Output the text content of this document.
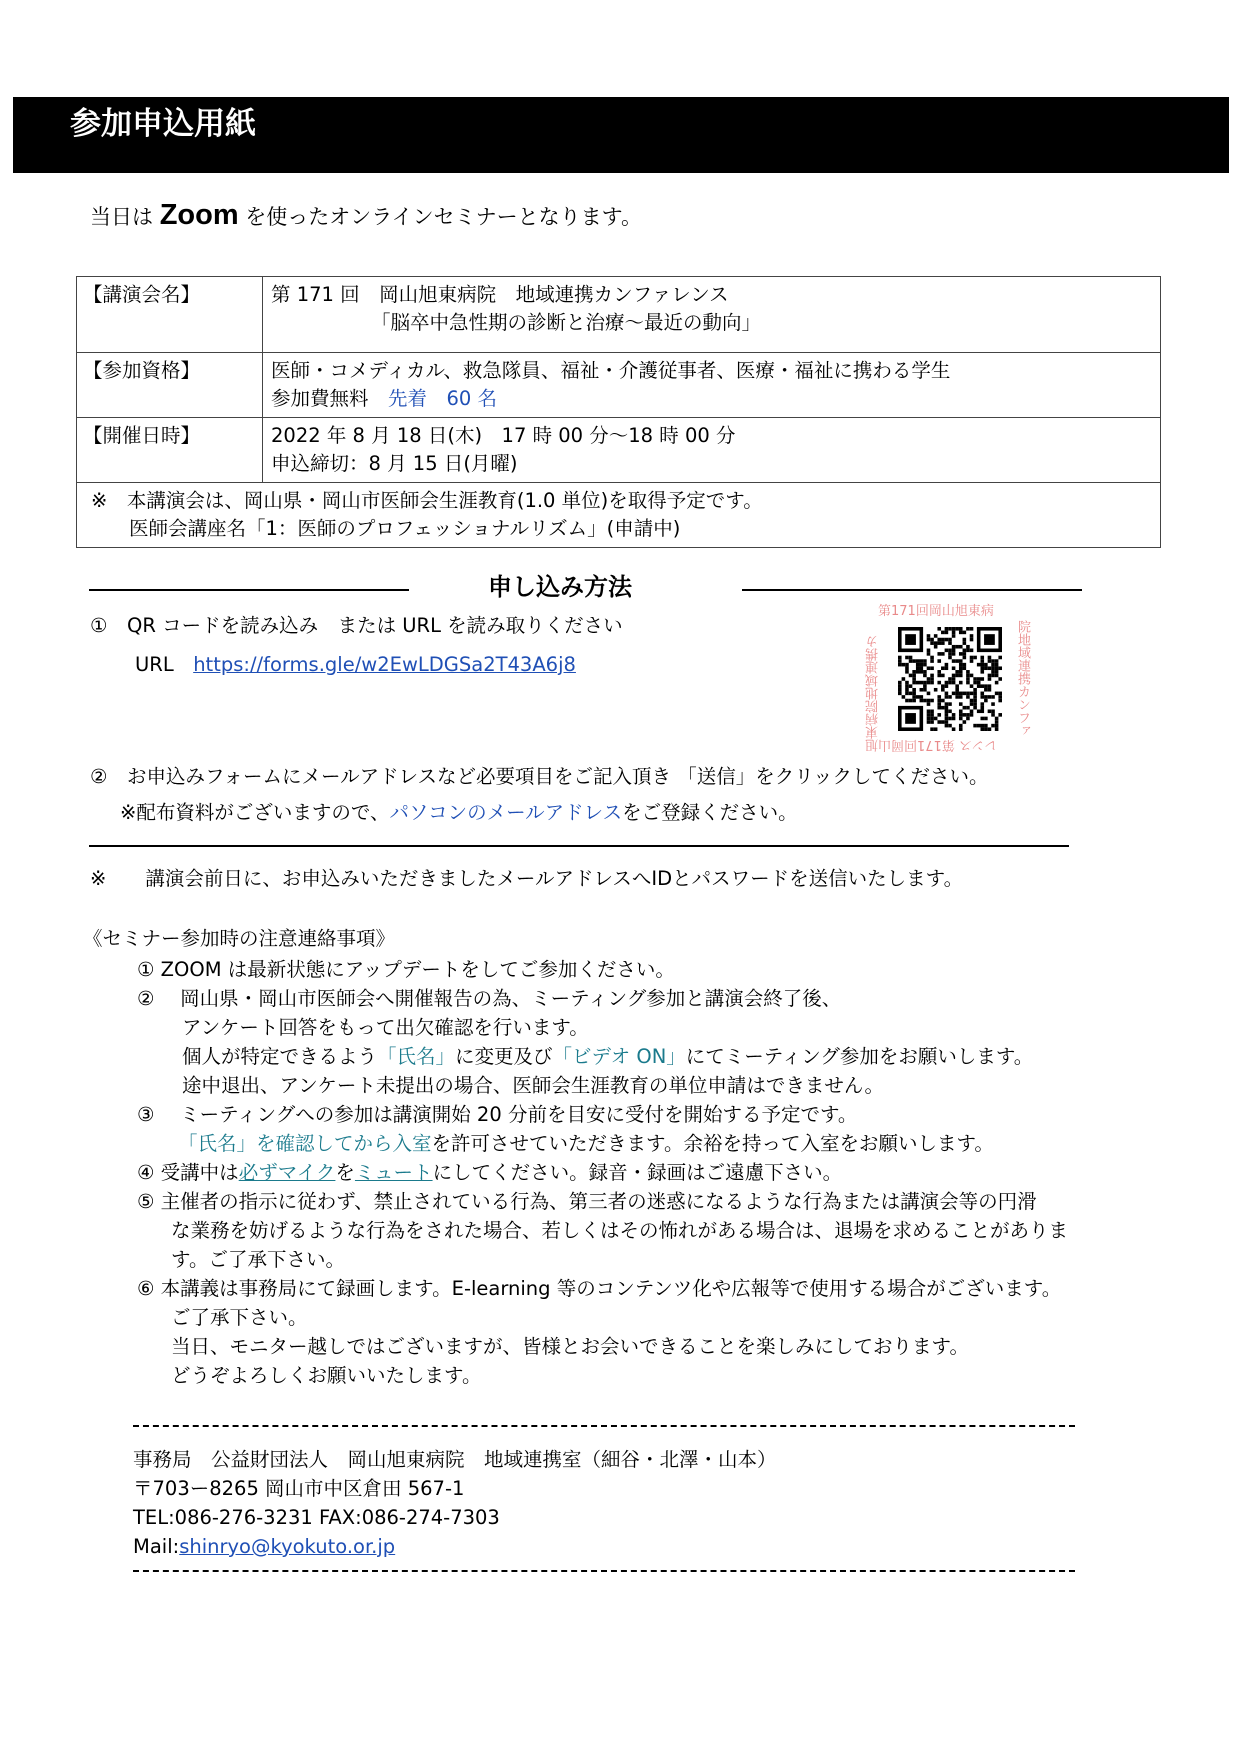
参加申込用紙
当日は Zoom を使ったオンラインセミナーとなります。
【講演会名】	第 171 回　岡山旭東病院　地域連携カンファレンス
「脳卒中急性期の診断と治療～最近の動向」

【参加資格】	医師・コメディカル、救急隊員、福祉・介護従事者、医療・福祉に携わる学生
参加費無料　先着　60 名

【開催日時】	2022 年 8 月 18 日(木)　17 時 00 分～18 時 00 分
申込締切：8 月 15 日(月曜)

※　本講演会は、岡山県・岡山市医師会生涯教育(1.0 単位)を取得予定です。
医師会講座名「1：医師のプロフェッショナルリズム」(申請中)	
申し込み方法
①　QR コードを読み込み　または URL を読み取りください
URL　https://forms.gle/w2EwLDGSa2T43A6j8
第171回岡山旭東病
旭東病院地域連携カ	院地域連携カンファ
レンス 第171回岡山
②　お申込みフォームにメールアドレスなど必要項目をご記入頂き 「送信」をクリックしてください。
※配布資料がございますので、パソコンのメールアドレスをご登録ください。
※　　講演会前日に、お申込みいただきましたメールアドレスへIDとパスワードを送信いたします。
《セミナー参加時の注意連絡事項》
① ZOOM は最新状態にアップデートをしてご参加ください。
②　 岡山県・岡山市医師会へ開催報告の為、ミーティング参加と講演会終了後、
アンケート回答をもって出欠確認を行います。
個人が特定できるよう「氏名」に変更及び「ビデオ ON」にてミーティング参加をお願いします。
途中退出、アンケート未提出の場合、医師会生涯教育の単位申請はできません。
③　 ミーティングへの参加は講演開始 20 分前を目安に受付を開始する予定です。
「氏名」を確認してから入室を許可させていただきます。余裕を持って入室をお願いします。
④ 受講中は必ずマイクをミュートにしてください。録音・録画はご遠慮下さい。
⑤ 主催者の指示に従わず、禁止されている行為、第三者の迷惑になるような行為または講演会等の円滑
な業務を妨げるような行為をされた場合、若しくはその怖れがある場合は、退場を求めることがありま
す。ご了承下さい。
⑥ 本講義は事務局にて録画します。E-learning 等のコンテンツ化や広報等で使用する場合がございます。
ご了承下さい。
当日、モニター越しではございますが、皆様とお会いできることを楽しみにしております。
どうぞよろしくお願いいたします。
事務局　公益財団法人　岡山旭東病院　地域連携室（細谷・北澤・山本）
〒703ー8265 岡山市中区倉田 567-1
TEL:086-276-3231 FAX:086-274-7303
Mail:shinryo@kyokuto.or.jp
